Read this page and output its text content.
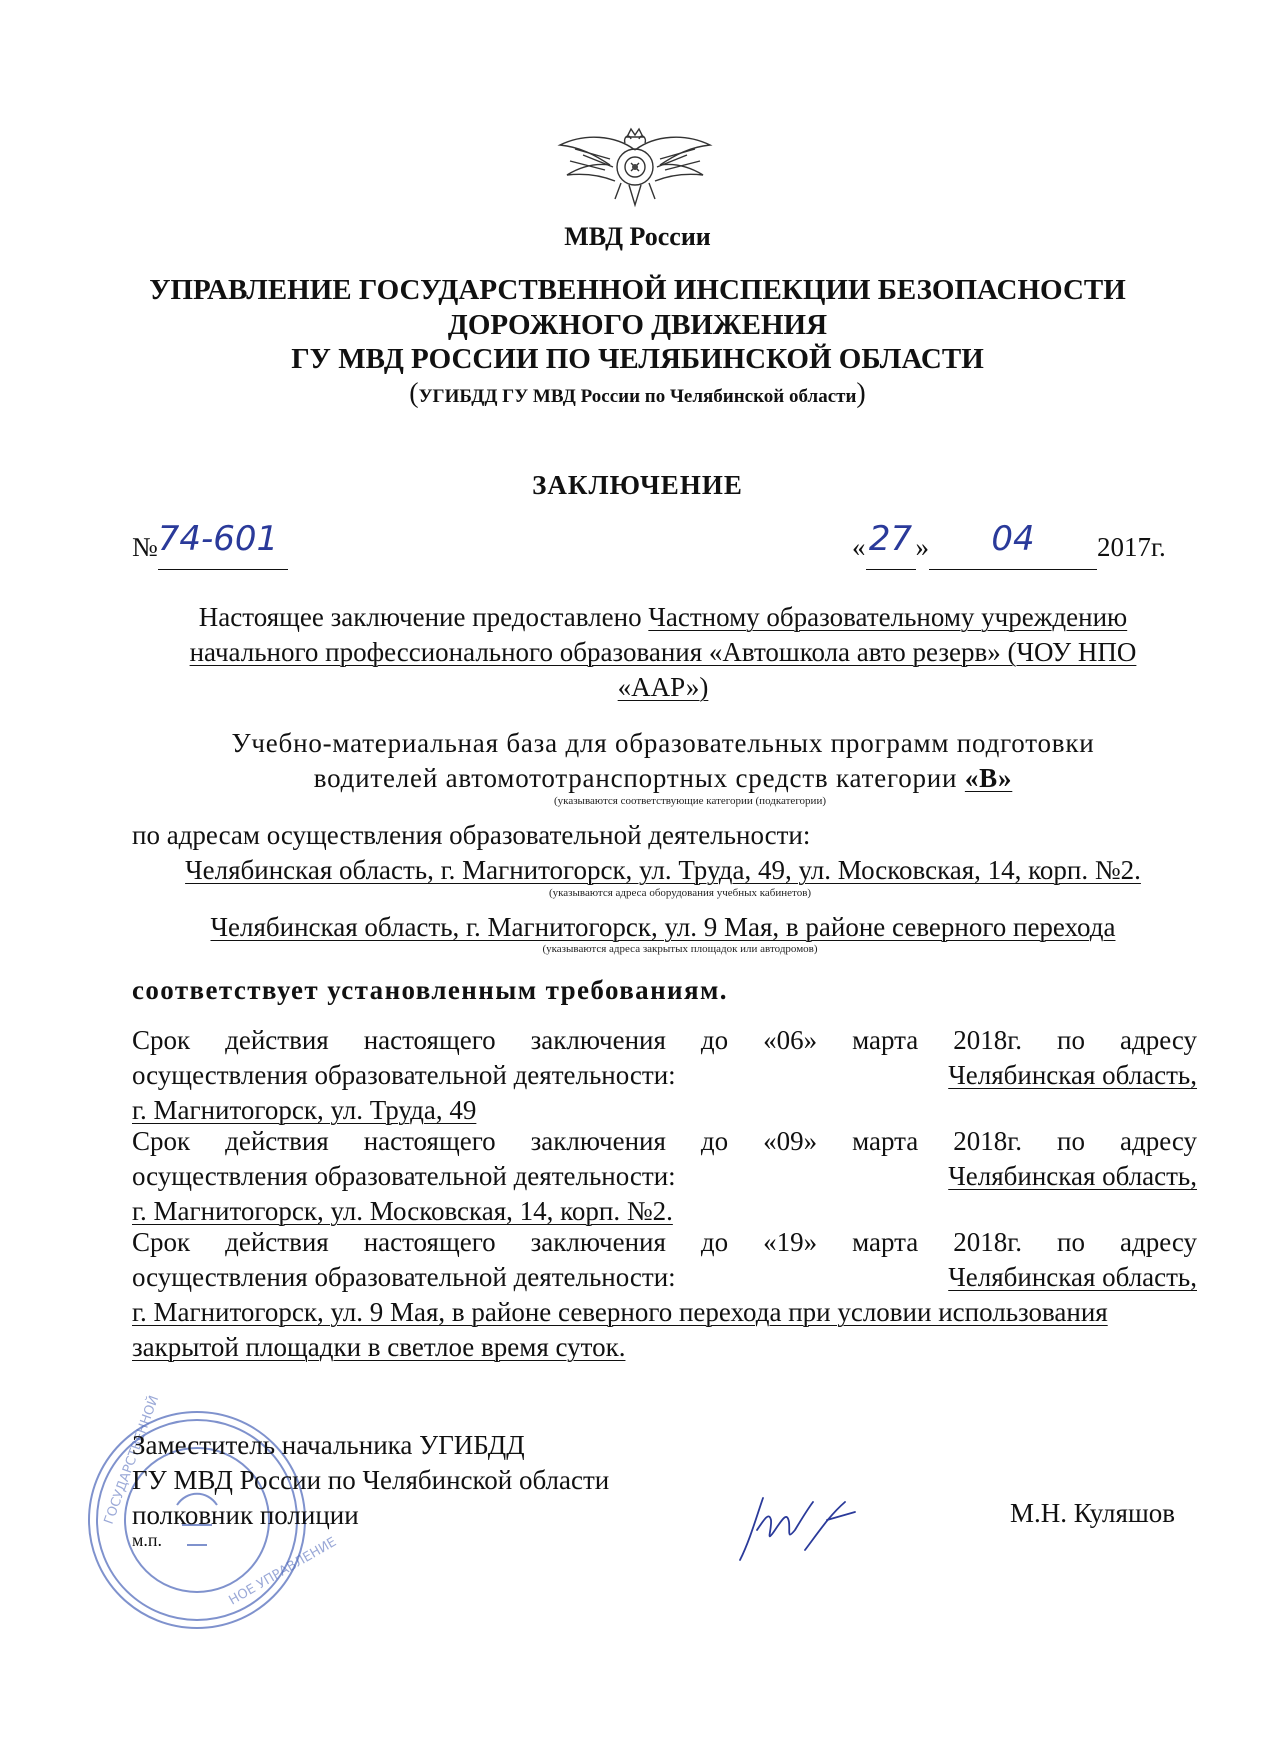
МВД России
УПРАВЛЕНИЕ ГОСУДАРСТВЕННОЙ ИНСПЕКЦИИ БЕЗОПАСНОСТИ
ДОРОЖНОГО ДВИЖЕНИЯ
ГУ МВД РОССИИ ПО ЧЕЛЯБИНСКОЙ ОБЛАСТИ
(УГИБДД ГУ МВД России по Челябинской области)
ЗАКЛЮЧЕНИЕ
№74-601	«27 » 04 2017г.
Настоящее заключение предоставлено Частному образовательному учреждению
начального профессионального образования «Автошкола авто резерв» (ЧОУ НПО
«ААР»)
Учебно-материальная база для образовательных программ подготовки
водителей автомототранспортных средств категории «В»
(указываются соответствующие категории (подкатегории)
по адресам осуществления образовательной деятельности:
Челябинская область, г. Магнитогорск, ул. Труда, 49, ул. Московская, 14, корп. №2.
(указываются адреса оборудования учебных кабинетов)
Челябинская область, г. Магнитогорск, ул. 9 Мая, в районе северного перехода
(указываются адреса закрытых площадок или автодромов)
соответствует установленным требованиям.
Срок действия настоящего заключения до «06» марта 2018г. по адресу
осуществления образовательной деятельности:	Челябинская область,
г. Магнитогорск, ул. Труда, 49
Срок действия настоящего заключения до «09» марта 2018г. по адресу
осуществления образовательной деятельности:	Челябинская область,
г. Магнитогорск, ул. Московская, 14, корп. №2.
Срок действия настоящего заключения до «19» марта 2018г. по адресу
осуществления образовательной деятельности:	Челябинская область,
г. Магнитогорск, ул. 9 Мая, в районе северного перехода при условии использования
закрытой площадки в светлое время суток.
ГОСУДАРСТВЕННОЙ
НОЕ УПРАВЛЕНИЕ
Заместитель начальника УГИБДД
ГУ МВД России по Челябинской области
полковник полиции
м.п.
М.Н. Куляшов
